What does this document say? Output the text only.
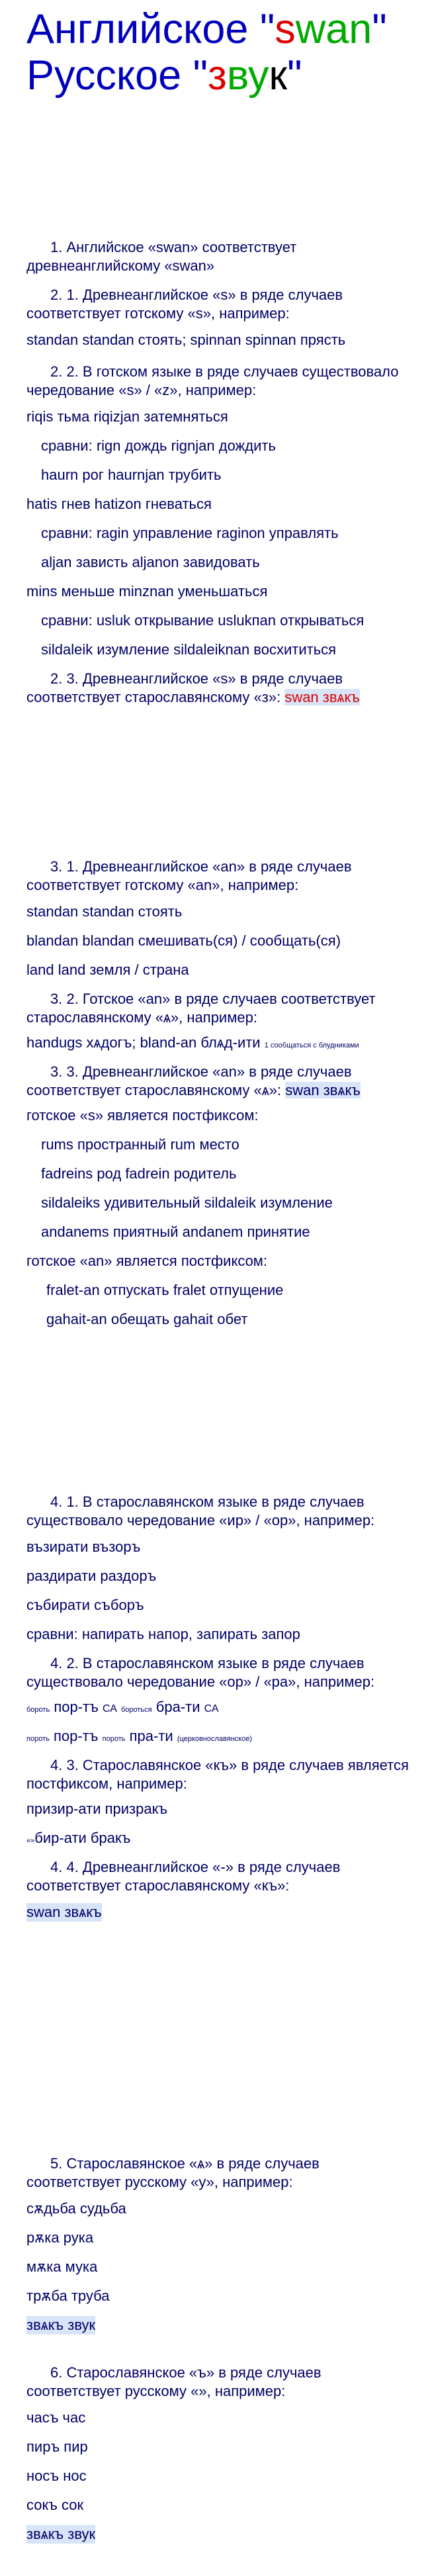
Английское "swan"
Русское "звук"
1. Английское «swan» соответствует древнеанглийскому «swan»
2. 1. Древнеанглийское «s» в ряде случаев соответствует готскому «s», например:
standan standan стоять; spinnan spinnan прясть
2. 2. В готском языке в ряде случаев существовало чередование «s» / «z», например:
riqis тьма riqizjan затемняться
сравни: rign дождь rignjan дождить
haurn рог haurnjan трубить
hatis гнев hatizon гневаться
сравни: ragin управление raginon управлять
aljan зависть aljanon завидовать
mins меньше minznan уменьшаться
сравни: usluk открывание uslukпan открываться
sildaleik изумление sildaleiknan восхититься
2. 3. Древнеанглийское «s» в ряде случаев соответствует старославянскому «з»: swan звѧкъ
3. 1. Древнеанглийское «an» в ряде случаев соответствует готскому «an», например:
standan standan стоять
blandan blandan смешивать(ся) / сообщать(ся)
land land земля / страна
3. 2. Готское «an» в ряде случаев соответствует старославянскому «ѧ», например:
handugs хѧдогъ; bland-an блѧд-ити 1 сообщаться с блудниками
3. 3. Древнеанглийское «an» в ряде случаев соответствует старославянскому «ѧ»: swan звѧкъ
готское «s» является постфиксом:
rums пространный rum место
fadreins род fadrein родитель
sildaleiks удивительный sildaleik изумление
andanems приятный andanem принятие
готское «an» является постфиксом:
fralet-an отпускать fralet отпущение
gahait-an обещать gahait обет
4. 1. В старославянском языке в ряде случаев существовало чередование «ир» / «ор», например:
възирати възоръ
раздирати раздоръ
събирати съборъ
сравни: напирать напор, запирать запор
4. 2. В старославянском языке в ряде случаев существовало чередование «ор» / «ра», например:
бороть пор-тъ СА бороться бра-ти СА
пороть пор-тъ пороть пра-ти (церковнославянское)
4. 3. Старославянское «къ» в ряде случаев является постфиксом, например:
призир-ати призракъ
«»бир-ати бракъ
4. 4. Древнеанглийское «-» в ряде случаев соответствует старославянскому «къ»:
swan звѧкъ
5. Старославянское «ѧ» в ряде случаев соответствует русскому «у», например:
сѫдьба судьба
рѫка рука
мѫка мука
трѫба труба
звѧкъ звук
6. Старославянское «ъ» в ряде случаев соответствует русскому «», например:
часъ час
пиръ пир
носъ нос
сокъ сок
звѧкъ звук
